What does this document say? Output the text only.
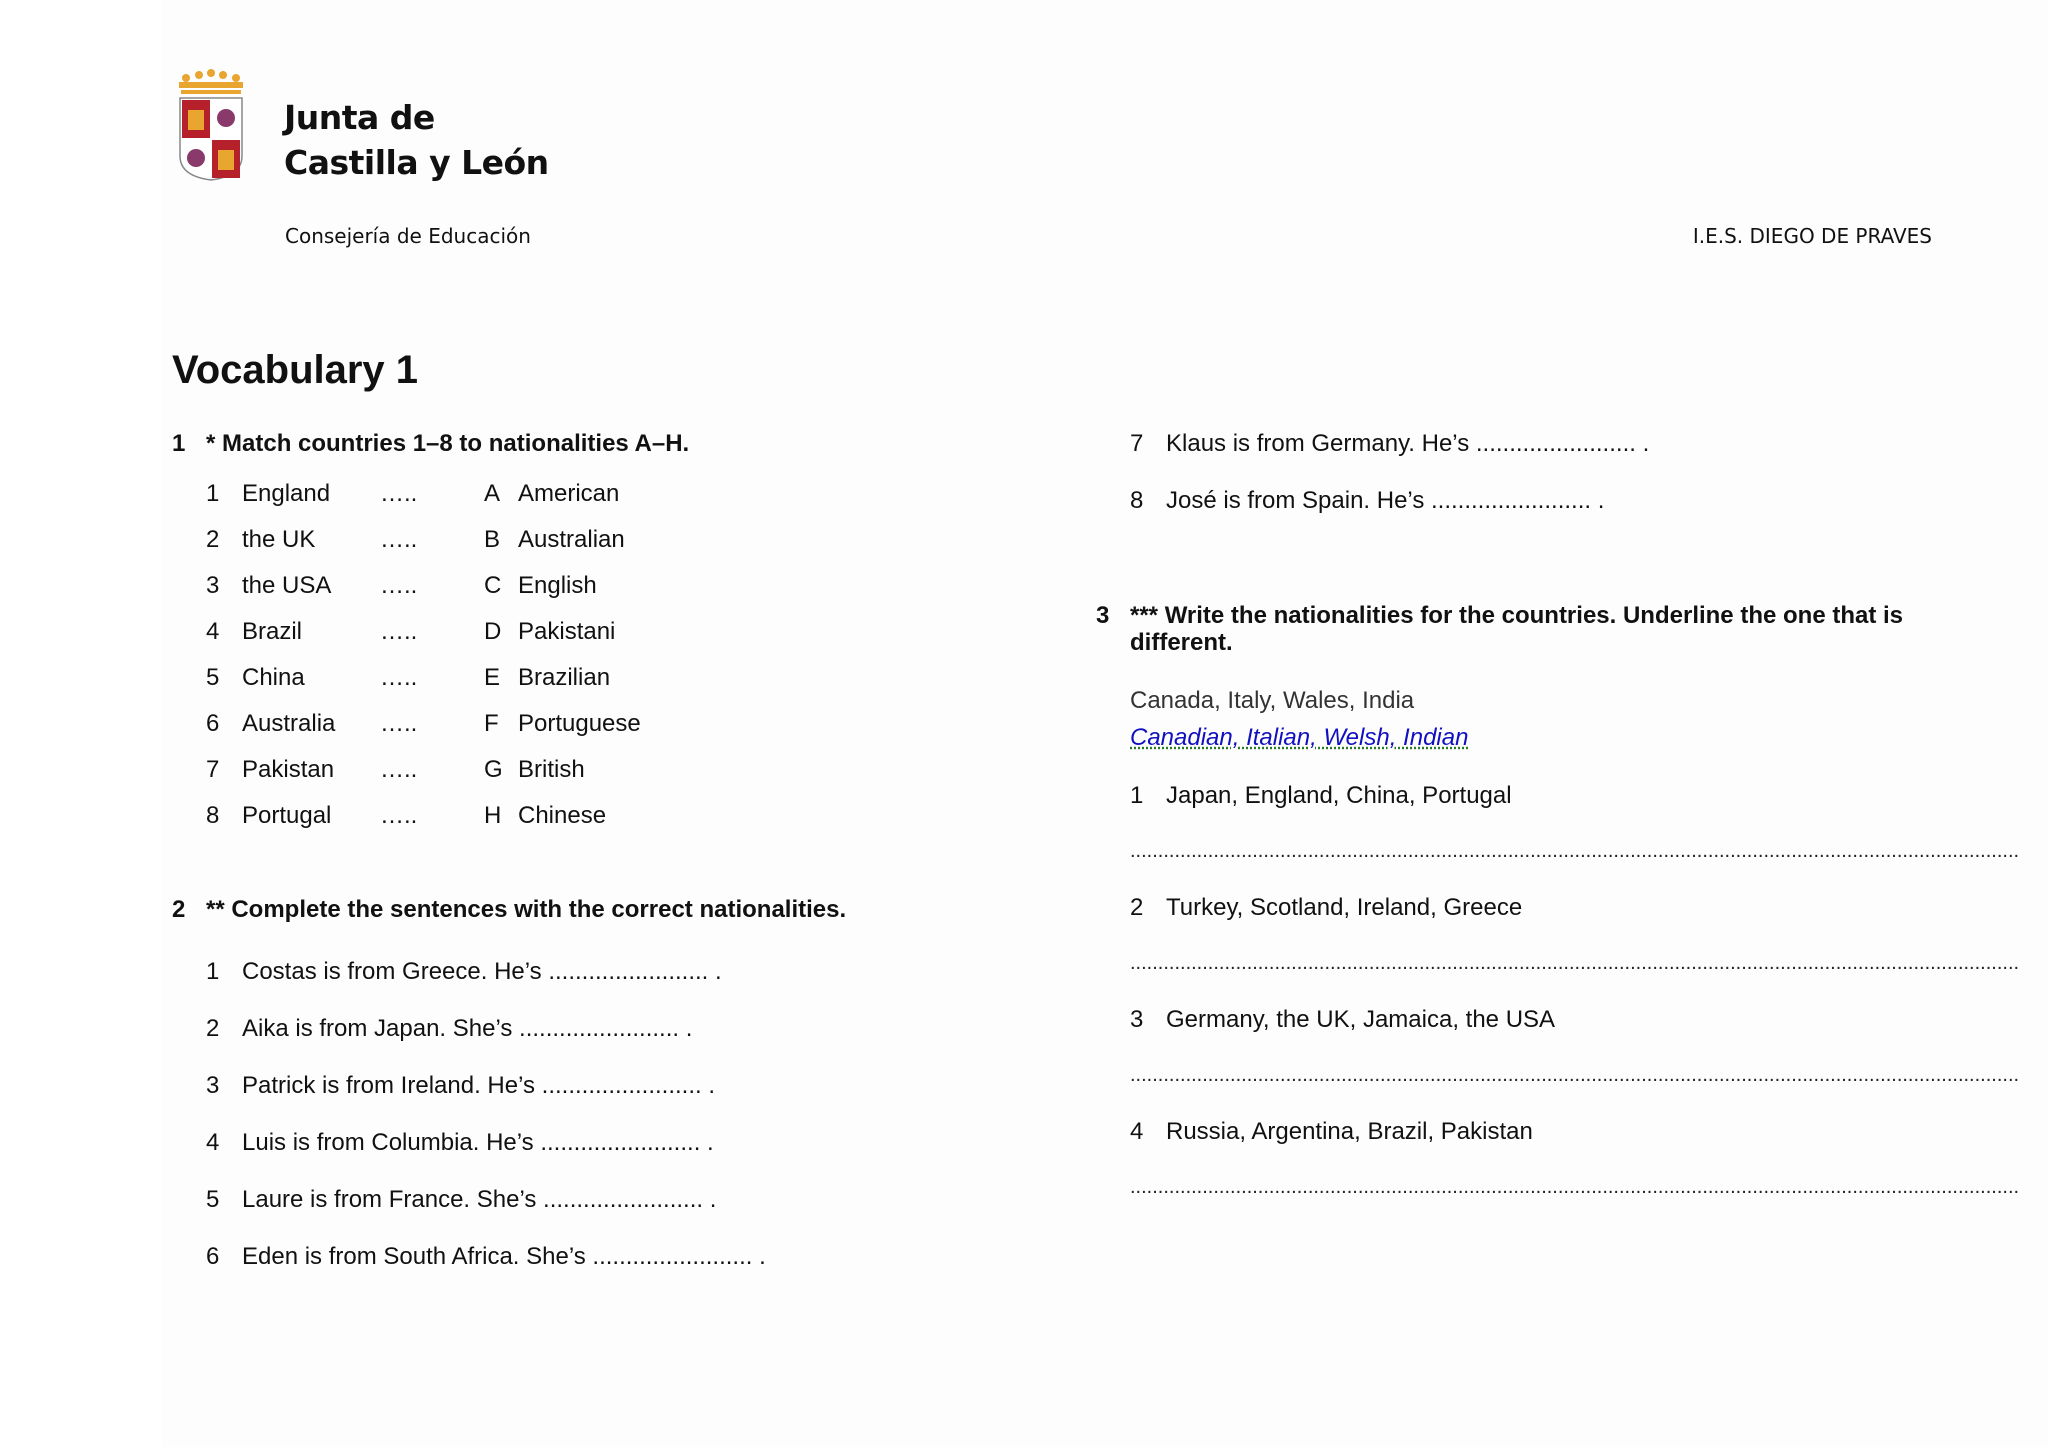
Junta de
Castilla y León
Consejería de Educación	I.E.S. DIEGO DE PRAVES
Vocabulary 1
1 * Match countries 1–8 to nationalities A–H.
1 England …..	A American
2 the UK	…..	B Australian
3 the USA …..	C English
4 Brazil	…..	D Pakistani
5 China	…..	E Brazilian
6 Australia …..	F Portuguese
7 Pakistan …..	G British
8 Portugal …..	H Chinese
2 ** Complete the sentences with the correct nationalities.
1 Costas is from Greece. He’s ........................ .
2 Aika is from Japan. She’s ........................ .
3 Patrick is from Ireland. He’s ........................ .
4 Luis is from Columbia. He’s ........................ .
5 Laure is from France. She’s ........................ .
6 Eden is from South Africa. She’s ........................ .
7 Klaus is from Germany. He’s ........................ .
8 José is from Spain. He’s ........................ .
3 *** Write the nationalities for the countries. Underline the one that is different.
Canada, Italy, Wales, India
Canadian, Italian, Welsh, Indian
1 Japan, England, China, Portugal
................................................................................................................................................................
2 Turkey, Scotland, Ireland, Greece
................................................................................................................................................................
3 Germany, the UK, Jamaica, the USA
................................................................................................................................................................
4 Russia, Argentina, Brazil, Pakistan
................................................................................................................................................................
